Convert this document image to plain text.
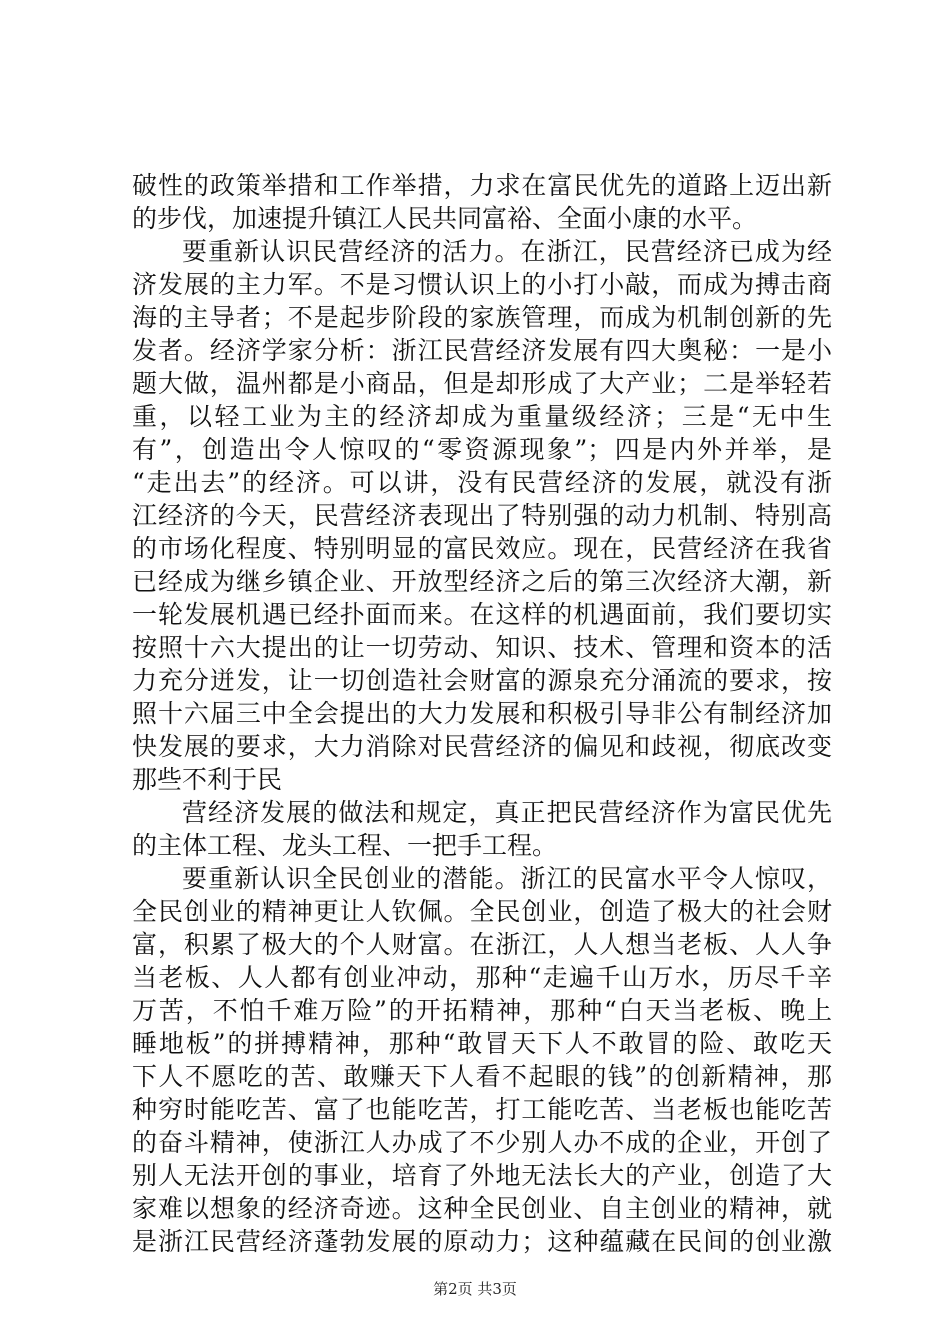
破性的政策举措和工作举措，力求在富民优先的道路上迈出新
的步伐，加速提升镇江人民共同富裕、全面小康的水平。
要重新认识民营经济的活力。在浙江，民营经济已成为经
济发展的主力军。不是习惯认识上的小打小敲，而成为搏击商
海的主导者；不是起步阶段的家族管理，而成为机制创新的先
发者。经济学家分析：浙江民营经济发展有四大奥秘：一是小
题大做，温州都是小商品，但是却形成了大产业；二是举轻若
重，以轻工业为主的经济却成为重量级经济；三是“无中生
有”，创造出令人惊叹的“零资源现象”；四是内外并举，是
“走出去”的经济。可以讲，没有民营经济的发展，就没有浙
江经济的今天，民营经济表现出了特别强的动力机制、特别高
的市场化程度、特别明显的富民效应。现在，民营经济在我省
已经成为继乡镇企业、开放型经济之后的第三次经济大潮，新
一轮发展机遇已经扑面而来。在这样的机遇面前，我们要切实
按照十六大提出的让一切劳动、知识、技术、管理和资本的活
力充分迸发，让一切创造社会财富的源泉充分涌流的要求，按
照十六届三中全会提出的大力发展和积极引导非公有制经济加
快发展的要求，大力消除对民营经济的偏见和歧视，彻底改变
那些不利于民
营经济发展的做法和规定，真正把民营经济作为富民优先
的主体工程、龙头工程、一把手工程。
要重新认识全民创业的潜能。浙江的民富水平令人惊叹，
全民创业的精神更让人钦佩。全民创业，创造了极大的社会财
富，积累了极大的个人财富。在浙江，人人想当老板、人人争
当老板、人人都有创业冲动，那种“走遍千山万水，历尽千辛
万苦，不怕千难万险”的开拓精神，那种“白天当老板、晚上
睡地板”的拼搏精神，那种“敢冒天下人不敢冒的险、敢吃天
下人不愿吃的苦、敢赚天下人看不起眼的钱”的创新精神，那
种穷时能吃苦、富了也能吃苦，打工能吃苦、当老板也能吃苦
的奋斗精神，使浙江人办成了不少别人办不成的企业，开创了
别人无法开创的事业，培育了外地无法长大的产业，创造了大
家难以想象的经济奇迹。这种全民创业、自主创业的精神，就
是浙江民营经济蓬勃发展的原动力；这种蕴藏在民间的创业激
第2页 共3页
